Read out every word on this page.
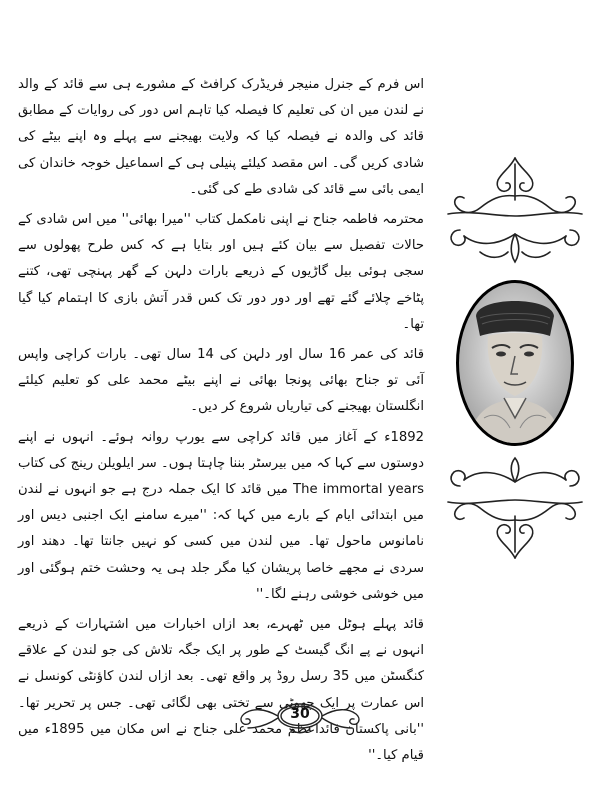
اس فرم کے جنرل منیجر فریڈرک کرافٹ کے مشورے ہی سے قائد کے والد نے لندن میں ان کی تعلیم کا فیصلہ کیا تاہم اس دور کی روایات کے مطابق قائد کی والدہ نے فیصلہ کیا کہ ولایت بھیجنے سے پہلے وہ اپنے بیٹے کی شادی کریں گی۔ اس مقصد کیلئے پنیلی ہی کے اسماعیل خوجہ خاندان کی ایمی بائی سے قائد کی شادی طے کی گئی۔

محترمہ فاطمہ جناح نے اپنی نامکمل کتاب ''میرا بھائی'' میں اس شادی کے حالات تفصیل سے بیان کئے ہیں اور بتایا ہے کہ کس طرح پھولوں سے سجی ہوئی بیل گاڑیوں کے ذریعے بارات دلہن کے گھر پہنچی تھی، کتنے پٹاخے چلائے گئے تھے اور دور دور تک کس قدر آتش بازی کا اہتمام کیا گیا تھا۔

قائد کی عمر 16 سال اور دلہن کی 14 سال تھی۔ بارات کراچی واپس آئی تو جناح بھائی پونجا بھائی نے اپنے بیٹے محمد علی کو تعلیم کیلئے انگلستان بھیجنے کی تیاریاں شروع کر دیں۔

1892ء کے آغاز میں قائد کراچی سے یورپ روانہ ہوئے۔ انہوں نے اپنے دوستوں سے کہا کہ میں بیرسٹر بننا چاہتا ہوں۔ سر ایلویلن رینج کی کتاب The immortal years میں قائد کا ایک جملہ درج ہے جو انہوں نے لندن میں ابتدائی ایام کے بارے میں کہا کہ: ''میرے سامنے ایک اجنبی دیس اور نامانوس ماحول تھا۔ میں لندن میں کسی کو نہیں جانتا تھا۔ دھند اور سردی نے مجھے خاصا پریشان کیا مگر جلد ہی یہ وحشت ختم ہوگئی اور میں خوشی خوشی رہنے لگا۔''

قائد پہلے ہوٹل میں ٹھہرے، بعد ازاں اخبارات میں اشتہارات کے ذریعے انہوں نے پے انگ گیسٹ کے طور پر ایک جگہ تلاش کی جو لندن کے علاقے کنگسٹن میں 35 رسل روڈ پر واقع تھی۔ بعد ازاں لندن کاؤنٹی کونسل نے اس عمارت پر ایک چھوٹی سے تختی بھی لگائی تھی۔ جس پر تحریر تھا۔ ''بانی پاکستان قائداعظم محمد علی جناح نے اس مکان میں 1895ء میں قیام کیا۔''

30
